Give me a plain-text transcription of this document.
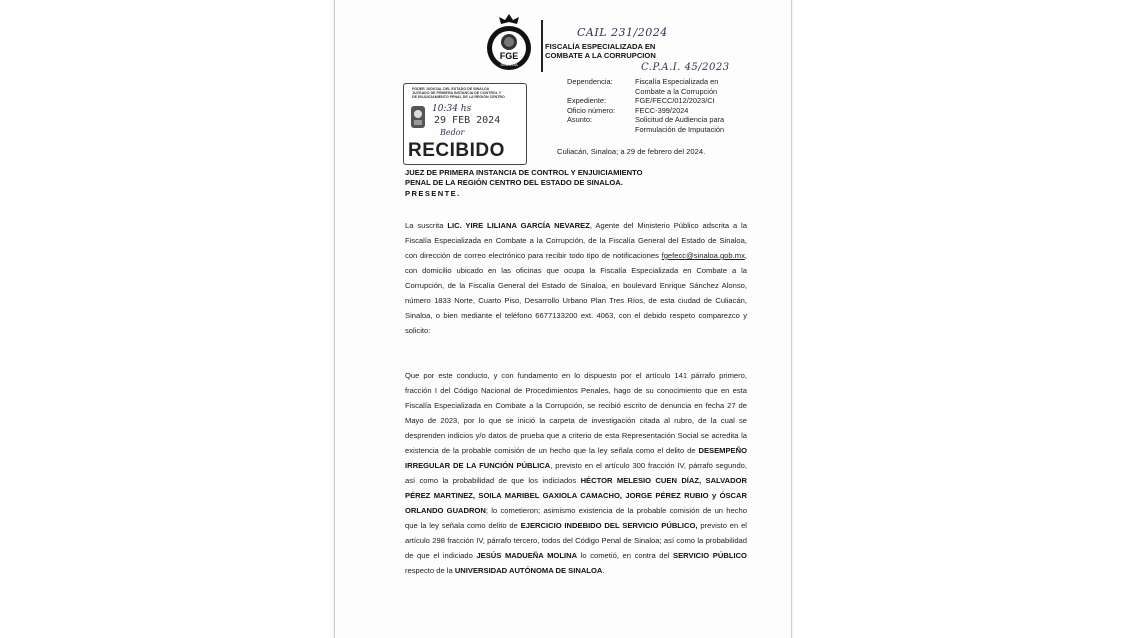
FGE
SINALOA
FISCALÍA ESPECIALIZADA EN
COMBATE A LA CORRUPCION
CAIL 231/2024
C.P.A.I. 45/2023
Dependencia:	Fiscalía Especializada en
Combate a la Corrupción
Expediente:	FGE/FECC/012/2023/CI
Oficio número:	FECC-399/2024
Asunto:	Solicitud de Audiencia para
Formulación de Imputación
PODER JUDICIAL DEL ESTADO DE SINALOA
JUZGADO DE PRIMERA INSTANCIA DE CONTROL Y
DE ENJUICIAMIENTO PENAL DE LA REGIÓN CENTRO
10:34 hs
29 FEB 2024
Bedor
RECIBIDO	Culiacán, Sinaloa; a 29 de febrero del 2024.
JUEZ DE PRIMERA INSTANCIA DE CONTROL Y ENJUICIAMIENTO
PENAL DE LA REGIÓN CENTRO DEL ESTADO DE SINALOA.
PRESENTE.
La suscrita LIC. YIRE LILIANA GARCÍA NEVAREZ, Agente del Ministerio Público adscrita a la Fiscalía Especializada en Combate a la Corrupción, de la Fiscalía General del Estado de Sinaloa, con dirección de correo electrónico para recibir todo tipo de notificaciones fgefecc@sinaloa.gob.mx, con domicilio ubicado en las oficinas que ocupa la Fiscalía Especializada en Combate a la Corrupción, de la Fiscalía General del Estado de Sinaloa, en boulevard Enrique Sánchez Alonso, número 1833 Norte, Cuarto Piso, Desarrollo Urbano Plan Tres Ríos, de esta ciudad de Culiacán, Sinaloa, o bien mediante el teléfono 6677133200 ext. 4063, con el debido respeto comparezco y solicito:
Que por este conducto, y con fundamento en lo dispuesto por el artículo 141 párrafo primero, fracción I del Código Nacional de Procedimientos Penales, hago de su conocimiento que en esta Fiscalía Especializada en Combate a la Corrupción, se recibió escrito de denuncia en fecha 27 de Mayo de 2023, por lo que se inició la carpeta de investigación citada al rubro, de la cual se desprenden indicios y/o datos de prueba que a criterio de esta Representación Social se acredita la existencia de la probable comisión de un hecho que la ley señala como el delito de DESEMPEÑO IRREGULAR DE LA FUNCIÓN PÚBLICA, previsto en el artículo 300 fracción IV, párrafo segundo, así como la probabilidad de que los indiciados HÉCTOR MELESIO CUEN DÍAZ, SALVADOR PÉREZ MARTINEZ, SOILA MARIBEL GAXIOLA CAMACHO, JORGE PÉREZ RUBIO y ÓSCAR ORLANDO GUADRON; lo cometieron; asimismo existencia de la probable comisión de un hecho que la ley señala como delito de EJERCICIO INDEBIDO DEL SERVICIO PÚBLICO, previsto en el artículo 298 fracción IV, párrafo tercero, todos del Código Penal de Sinaloa; así como la probabilidad de que el indiciado JESÚS MADUEÑA MOLINA lo cometió, en contra del SERVICIO PÚBLICO respecto de la UNIVERSIDAD AUTÓNOMA DE SINALOA.
